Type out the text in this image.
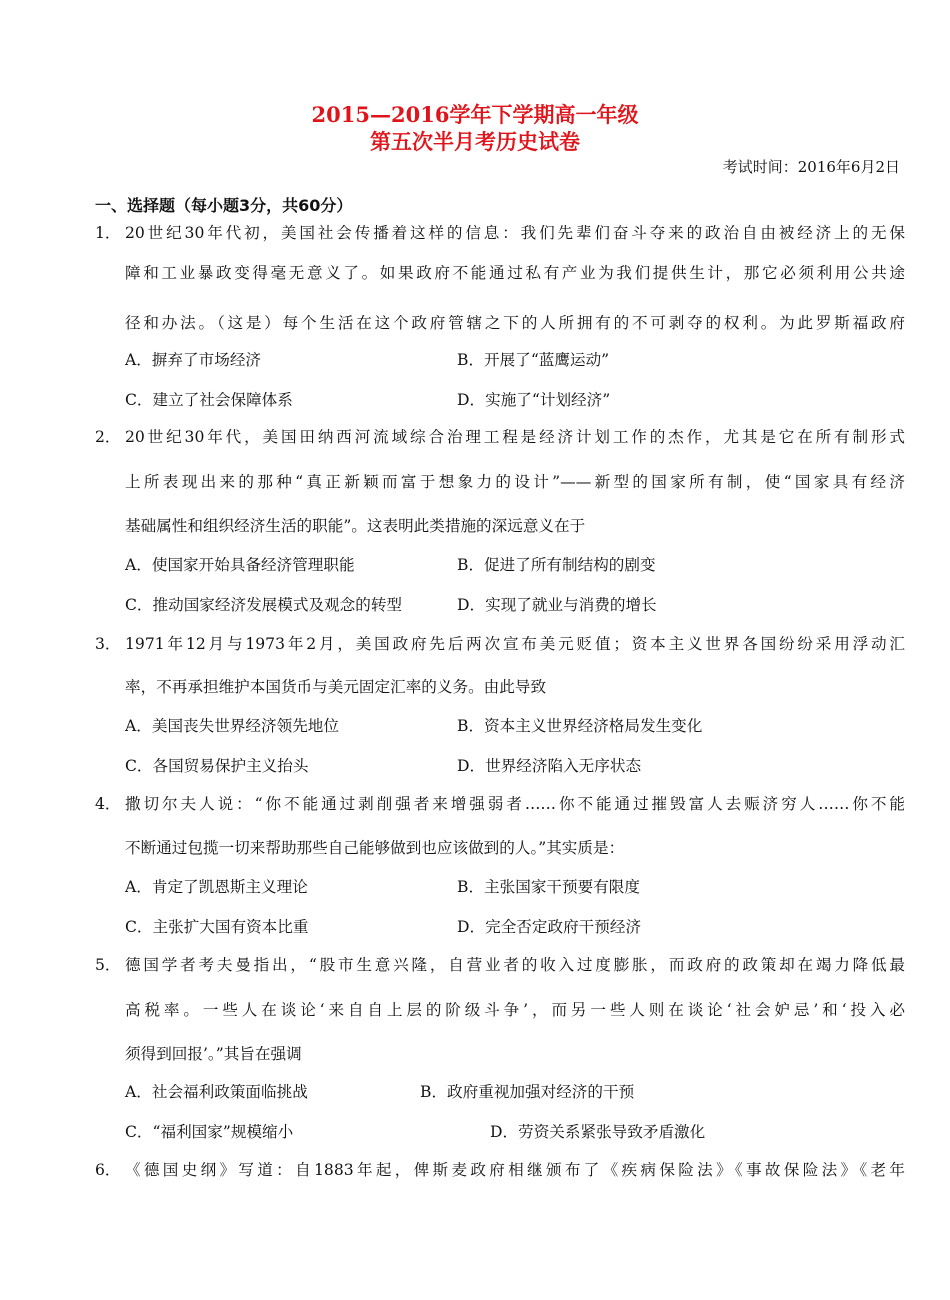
2015—2016学年下学期高一年级
第五次半月考历史试卷
考试时间：2016年6月2日
一、选择题（每小题3分，共60分）
1． 20世纪30年代初，美国社会传播着这样的信息：我们先辈们奋斗夺来的政治自由被经济上的无保
障和工业暴政变得毫无意义了。如果政府不能通过私有产业为我们提供生计，那它必须利用公共途
径和办法。（这是）每个生活在这个政府管辖之下的人所拥有的不可剥夺的权利。为此罗斯福政府
A．摒弃了市场经济	B．开展了“蓝鹰运动”
C．建立了社会保障体系	D．实施了“计划经济”
2． 20世纪30年代，美国田纳西河流域综合治理工程是经济计划工作的杰作，尤其是它在所有制形式
上所表现出来的那种“真正新颖而富于想象力的设计”——新型的国家所有制，使“国家具有经济
基础属性和组织经济生活的职能”。这表明此类措施的深远意义在于
A．使国家开始具备经济管理职能	B．促进了所有制结构的剧变
C．推动国家经济发展模式及观念的转型	D．实现了就业与消费的增长
3． 1971年12月与1973年2月，美国政府先后两次宣布美元贬值；资本主义世界各国纷纷采用浮动汇
率，不再承担维护本国货币与美元固定汇率的义务。由此导致
A．美国丧失世界经济领先地位	B．资本主义世界经济格局发生变化
C．各国贸易保护主义抬头	D．世界经济陷入无序状态
4． 撒切尔夫人说：“你不能通过剥削强者来增强弱者……你不能通过摧毁富人去赈济穷人……你不能
不断通过包揽一切来帮助那些自己能够做到也应该做到的人。”其实质是：
A．肯定了凯恩斯主义理论	B．主张国家干预要有限度
C．主张扩大国有资本比重	D．完全否定政府干预经济
5． 德国学者考夫曼指出，“股市生意兴隆，自营业者的收入过度膨胀，而政府的政策却在竭力降低最
高税率。一些人在谈论‘来自自上层的阶级斗争’，而另一些人则在谈论‘社会妒忌’和‘投入必
须得到回报’。”其旨在强调
A．社会福利政策面临挑战	B．政府重视加强对经济的干预
C．“福利国家”规模缩小	D．劳资关系紧张导致矛盾激化
6． 《德国史纲》写道：自1883年起，俾斯麦政府相继颁布了《疾病保险法》《事故保险法》《老年
